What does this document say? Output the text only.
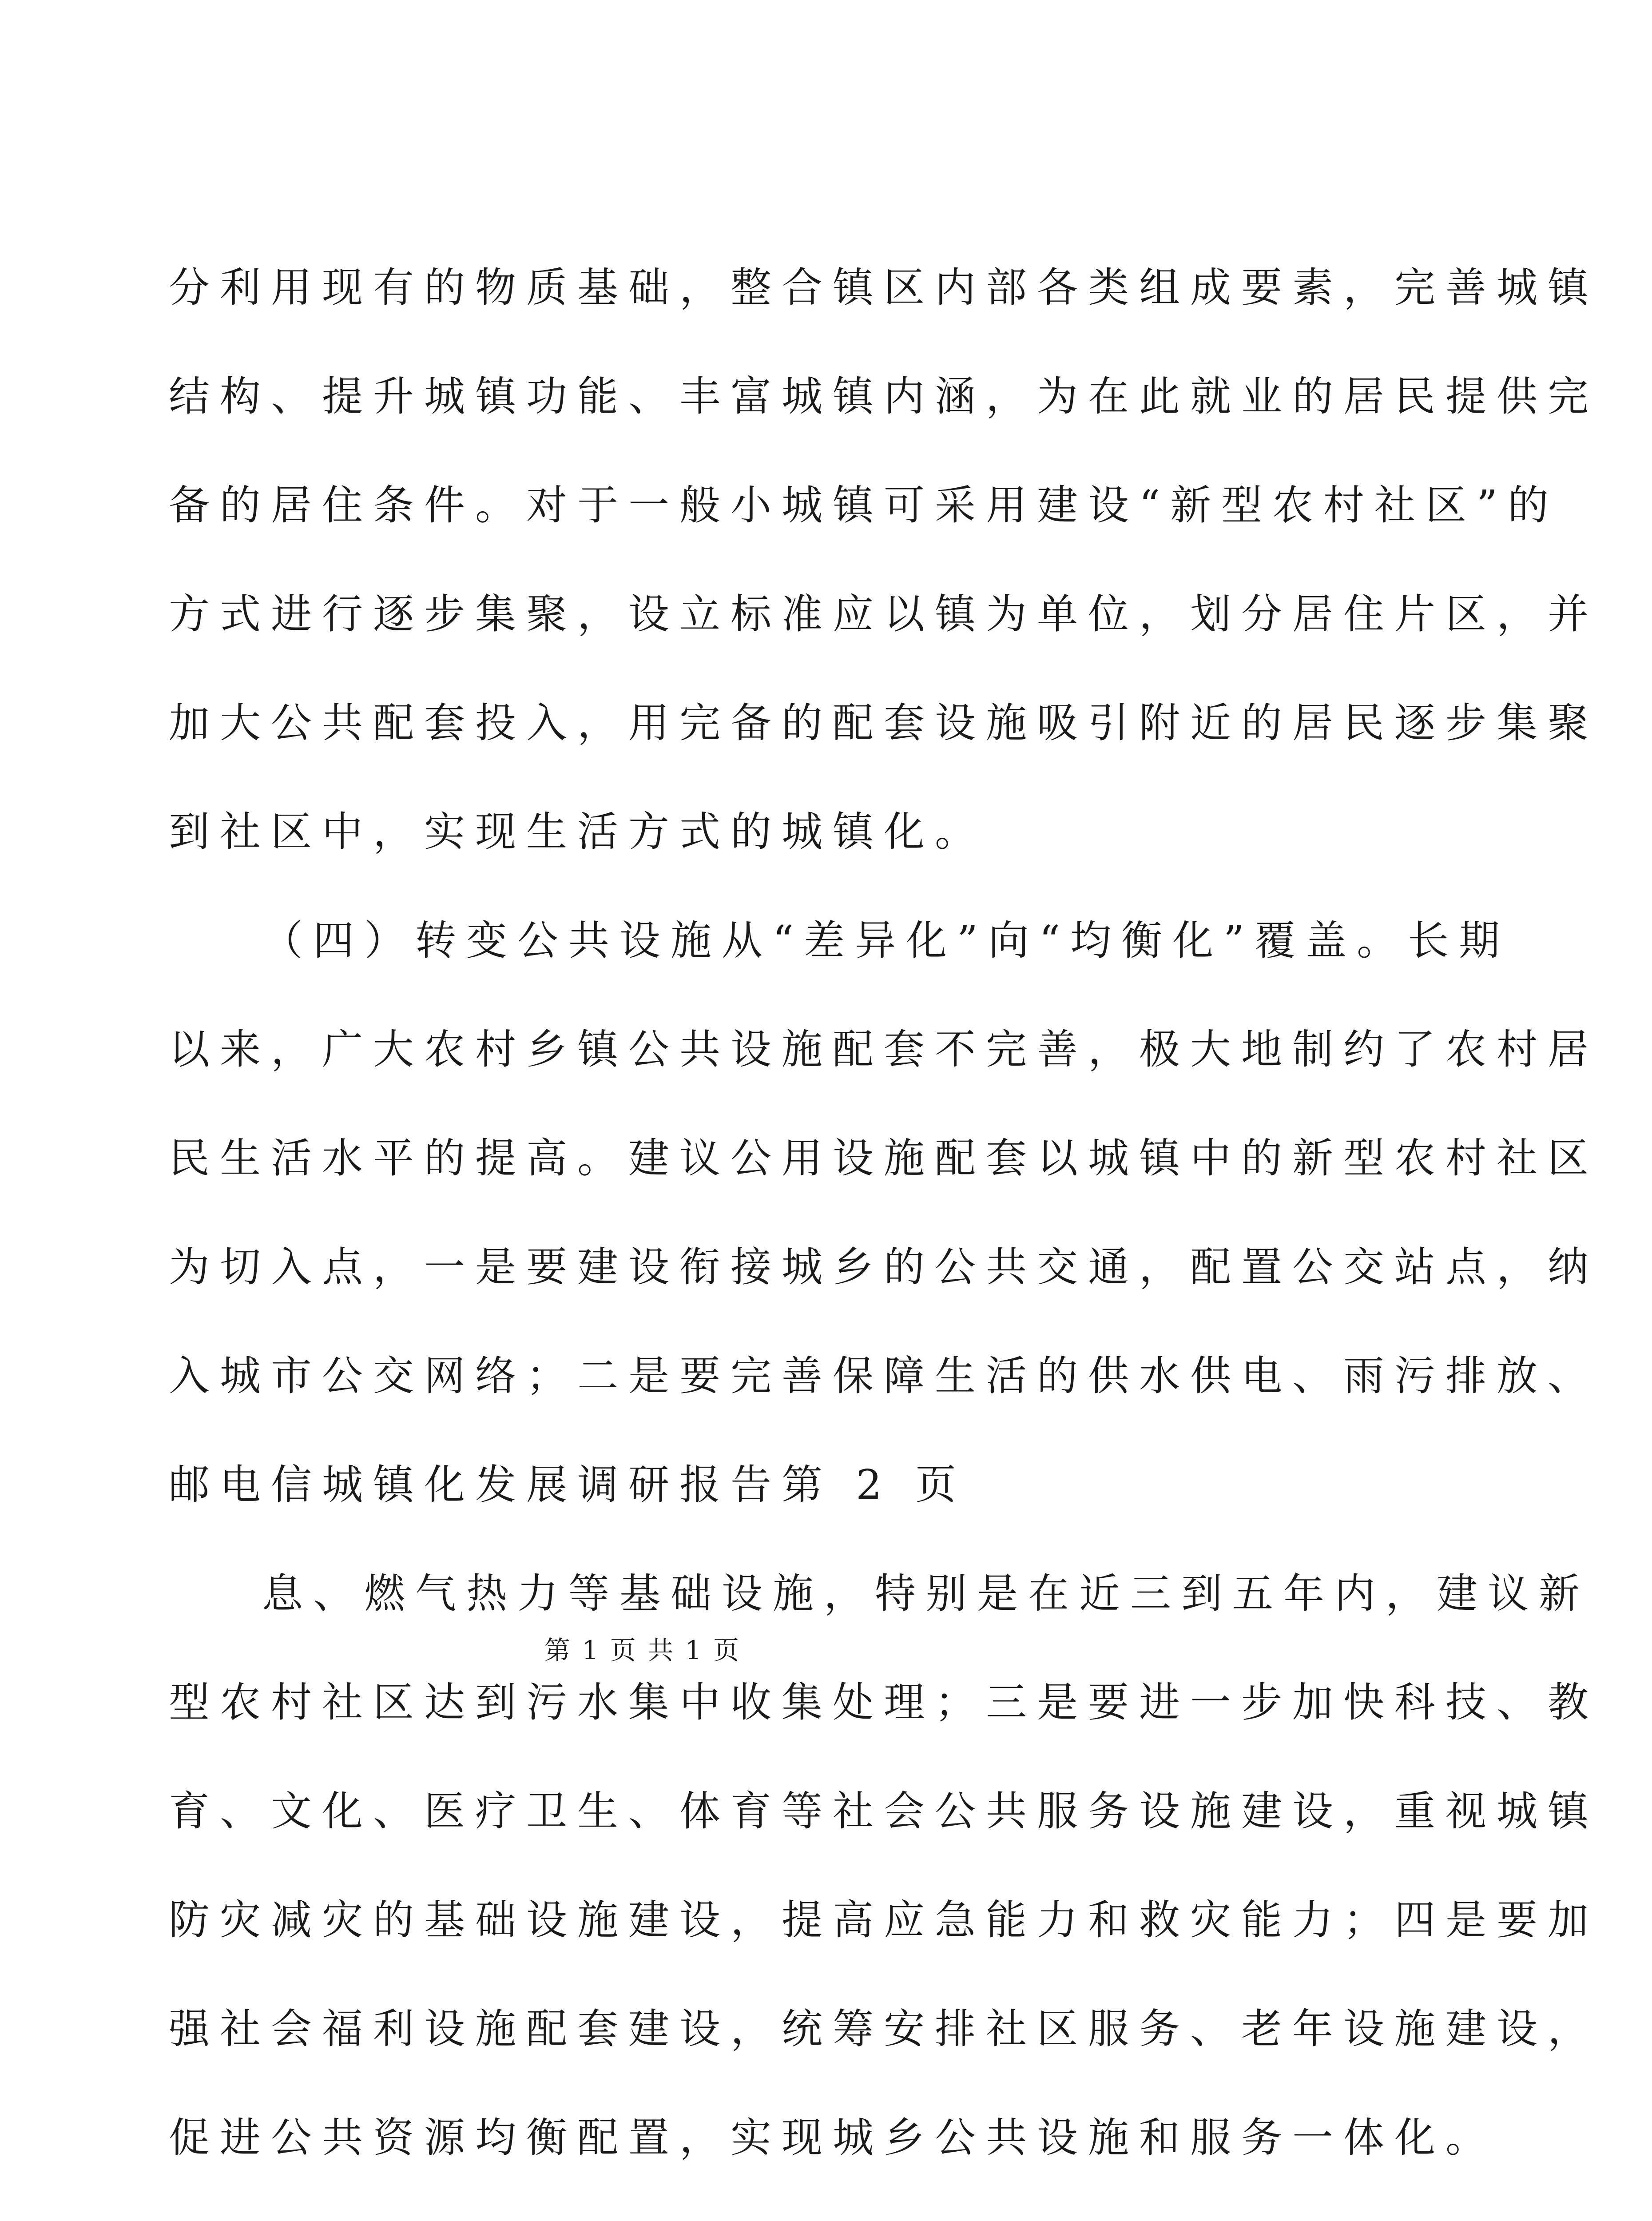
分利用现有的物质基础，整合镇区内部各类组成要素，完善城镇
结构、提升城镇功能、丰富城镇内涵，为在此就业的居民提供完
备的居住条件。对于一般小城镇可采用建设“新型农村社区”的
方式进行逐步集聚，设立标准应以镇为单位，划分居住片区，并
加大公共配套投入，用完备的配套设施吸引附近的居民逐步集聚
到社区中，实现生活方式的城镇化。
（四）转变公共设施从“差异化”向“均衡化”覆盖。长期
以来，广大农村乡镇公共设施配套不完善，极大地制约了农村居
民生活水平的提高。建议公用设施配套以城镇中的新型农村社区
为切入点，一是要建设衔接城乡的公共交通，配置公交站点，纳
入城市公交网络；二是要完善保障生活的供水供电、雨污排放、
邮电信城镇化发展调研报告第 2 页
息、燃气热力等基础设施，特别是在近三到五年内，建议新
型农村社区达到污水集中收集处理；三是要进一步加快科技、教
育、文化、医疗卫生、体育等社会公共服务设施建设，重视城镇
防灾减灾的基础设施建设，提高应急能力和救灾能力；四是要加
强社会福利设施配套建设，统筹安排社区服务、老年设施建设，
促进公共资源均衡配置，实现城乡公共设施和服务一体化。
第 1 页 共 1 页
